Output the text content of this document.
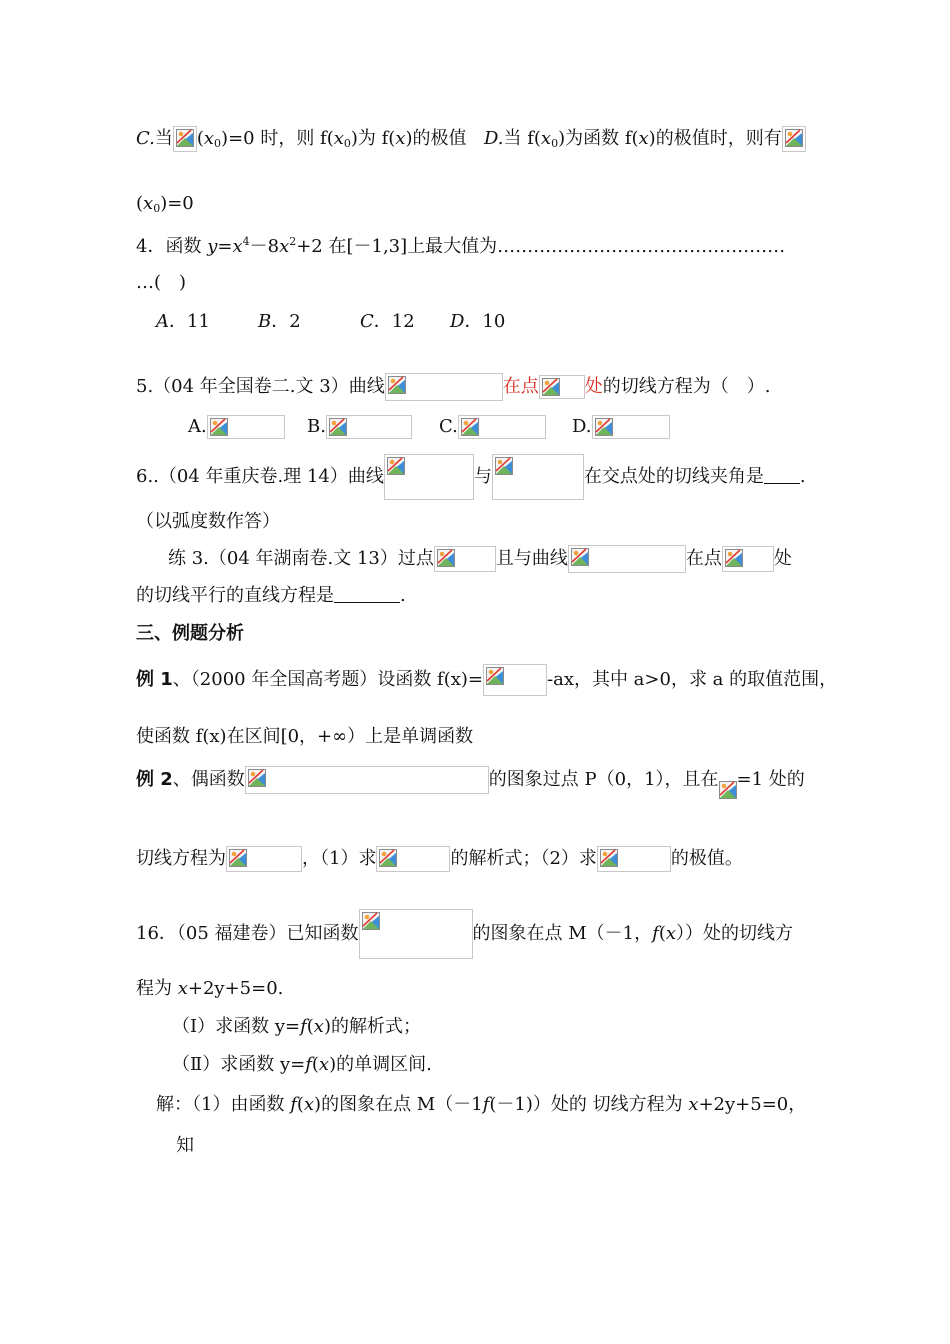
C.当 $(x_0)=0$ 时，则 $f(x_0)$为 f(x)的极值 D.当 $f(x_0)$为函数 f(x)的极值时，则有
$(x_0)=0$
4．函数 $y=x^4-8x^2+2$ 在[－1,3]上最大值为…………………………………………
…(　)
A．11	B．2	C．12 D．10
5.（04 年全国卷二.文 3）曲线	在点	处的切线方程为（　）.
A.	B.	C.	D.
6..（04 年重庆卷.理 14）曲线	与	在交点处的切线夹角是 .
（以弧度数作答）
练 3.（04 年湖南卷.文 13）过点	且与曲线	在点	处
的切线平行的直线方程是	.
三、例题分析
例 1、（2000 年全国高考题）设函数 f(x)=	-ax，其中 a>0，求 a 的取值范围，
使函数 f(x)在区间[0，+∞）上是单调函数
例 2、偶函数	的图象过点 P（0，1），且在 =1 处的
切线方程为	，（1）求	的解析式；（2）求	的极值。
16．（05 福建卷）已知函数	的图象在点 M（－1，f(x））处的切线方
程为 x+2y+5=0.
（Ⅰ）求函数 y=f(x)的解析式；
（Ⅱ）求函数 y=f(x)的单调区间.
解：（1）由函数 f(x)的图象在点 M（－1f(－1)）处的 切线方程为 x+2y+5=0，
知
